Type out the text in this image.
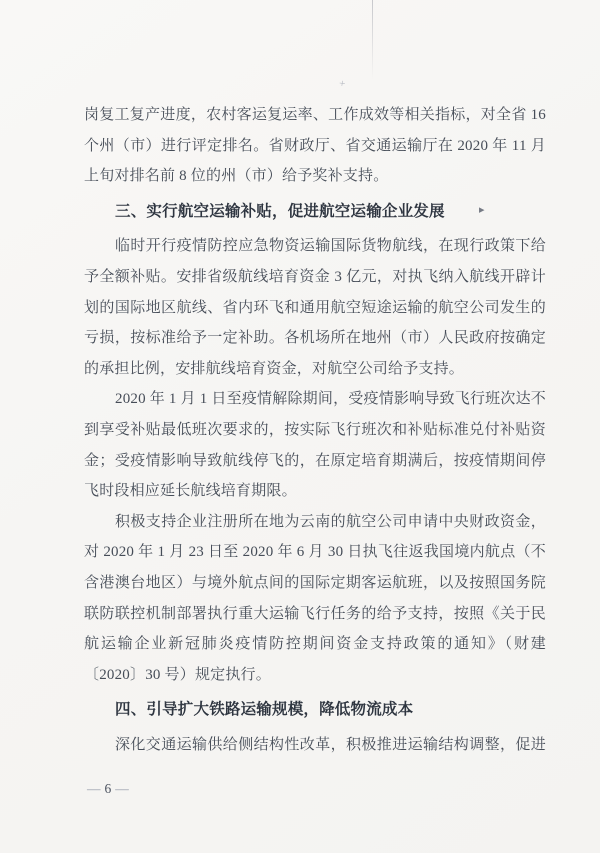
+
▸
岗复工复产进度，农村客运复运率、工作成效等相关指标，对全省 16
个州（市）进行评定排名。省财政厅、省交通运输厅在 2020 年 11 月
上旬对排名前 8 位的州（市）给予奖补支持。
三、实行航空运输补贴，促进航空运输企业发展
临时开行疫情防控应急物资运输国际货物航线，在现行政策下给
予全额补贴。安排省级航线培育资金 3 亿元，对执飞纳入航线开辟计
划的国际地区航线、省内环飞和通用航空短途运输的航空公司发生的
亏损，按标准给予一定补助。各机场所在地州（市）人民政府按确定
的承担比例，安排航线培育资金，对航空公司给予支持。
2020 年 1 月 1 日至疫情解除期间，受疫情影响导致飞行班次达不
到享受补贴最低班次要求的，按实际飞行班次和补贴标准兑付补贴资
金；受疫情影响导致航线停飞的，在原定培育期满后，按疫情期间停
飞时段相应延长航线培育期限。
积极支持企业注册所在地为云南的航空公司申请中央财政资金，
对 2020 年 1 月 23 日至 2020 年 6 月 30 日执飞往返我国境内航点（不
含港澳台地区）与境外航点间的国际定期客运航班，以及按照国务院
联防联控机制部署执行重大运输飞行任务的给予支持，按照《关于民
航运输企业新冠肺炎疫情防控期间资金支持政策的通知》（财建
〔2020〕30 号）规定执行。
四、引导扩大铁路运输规模，降低物流成本
深化交通运输供给侧结构性改革，积极推进运输结构调整，促进
— 6 —
